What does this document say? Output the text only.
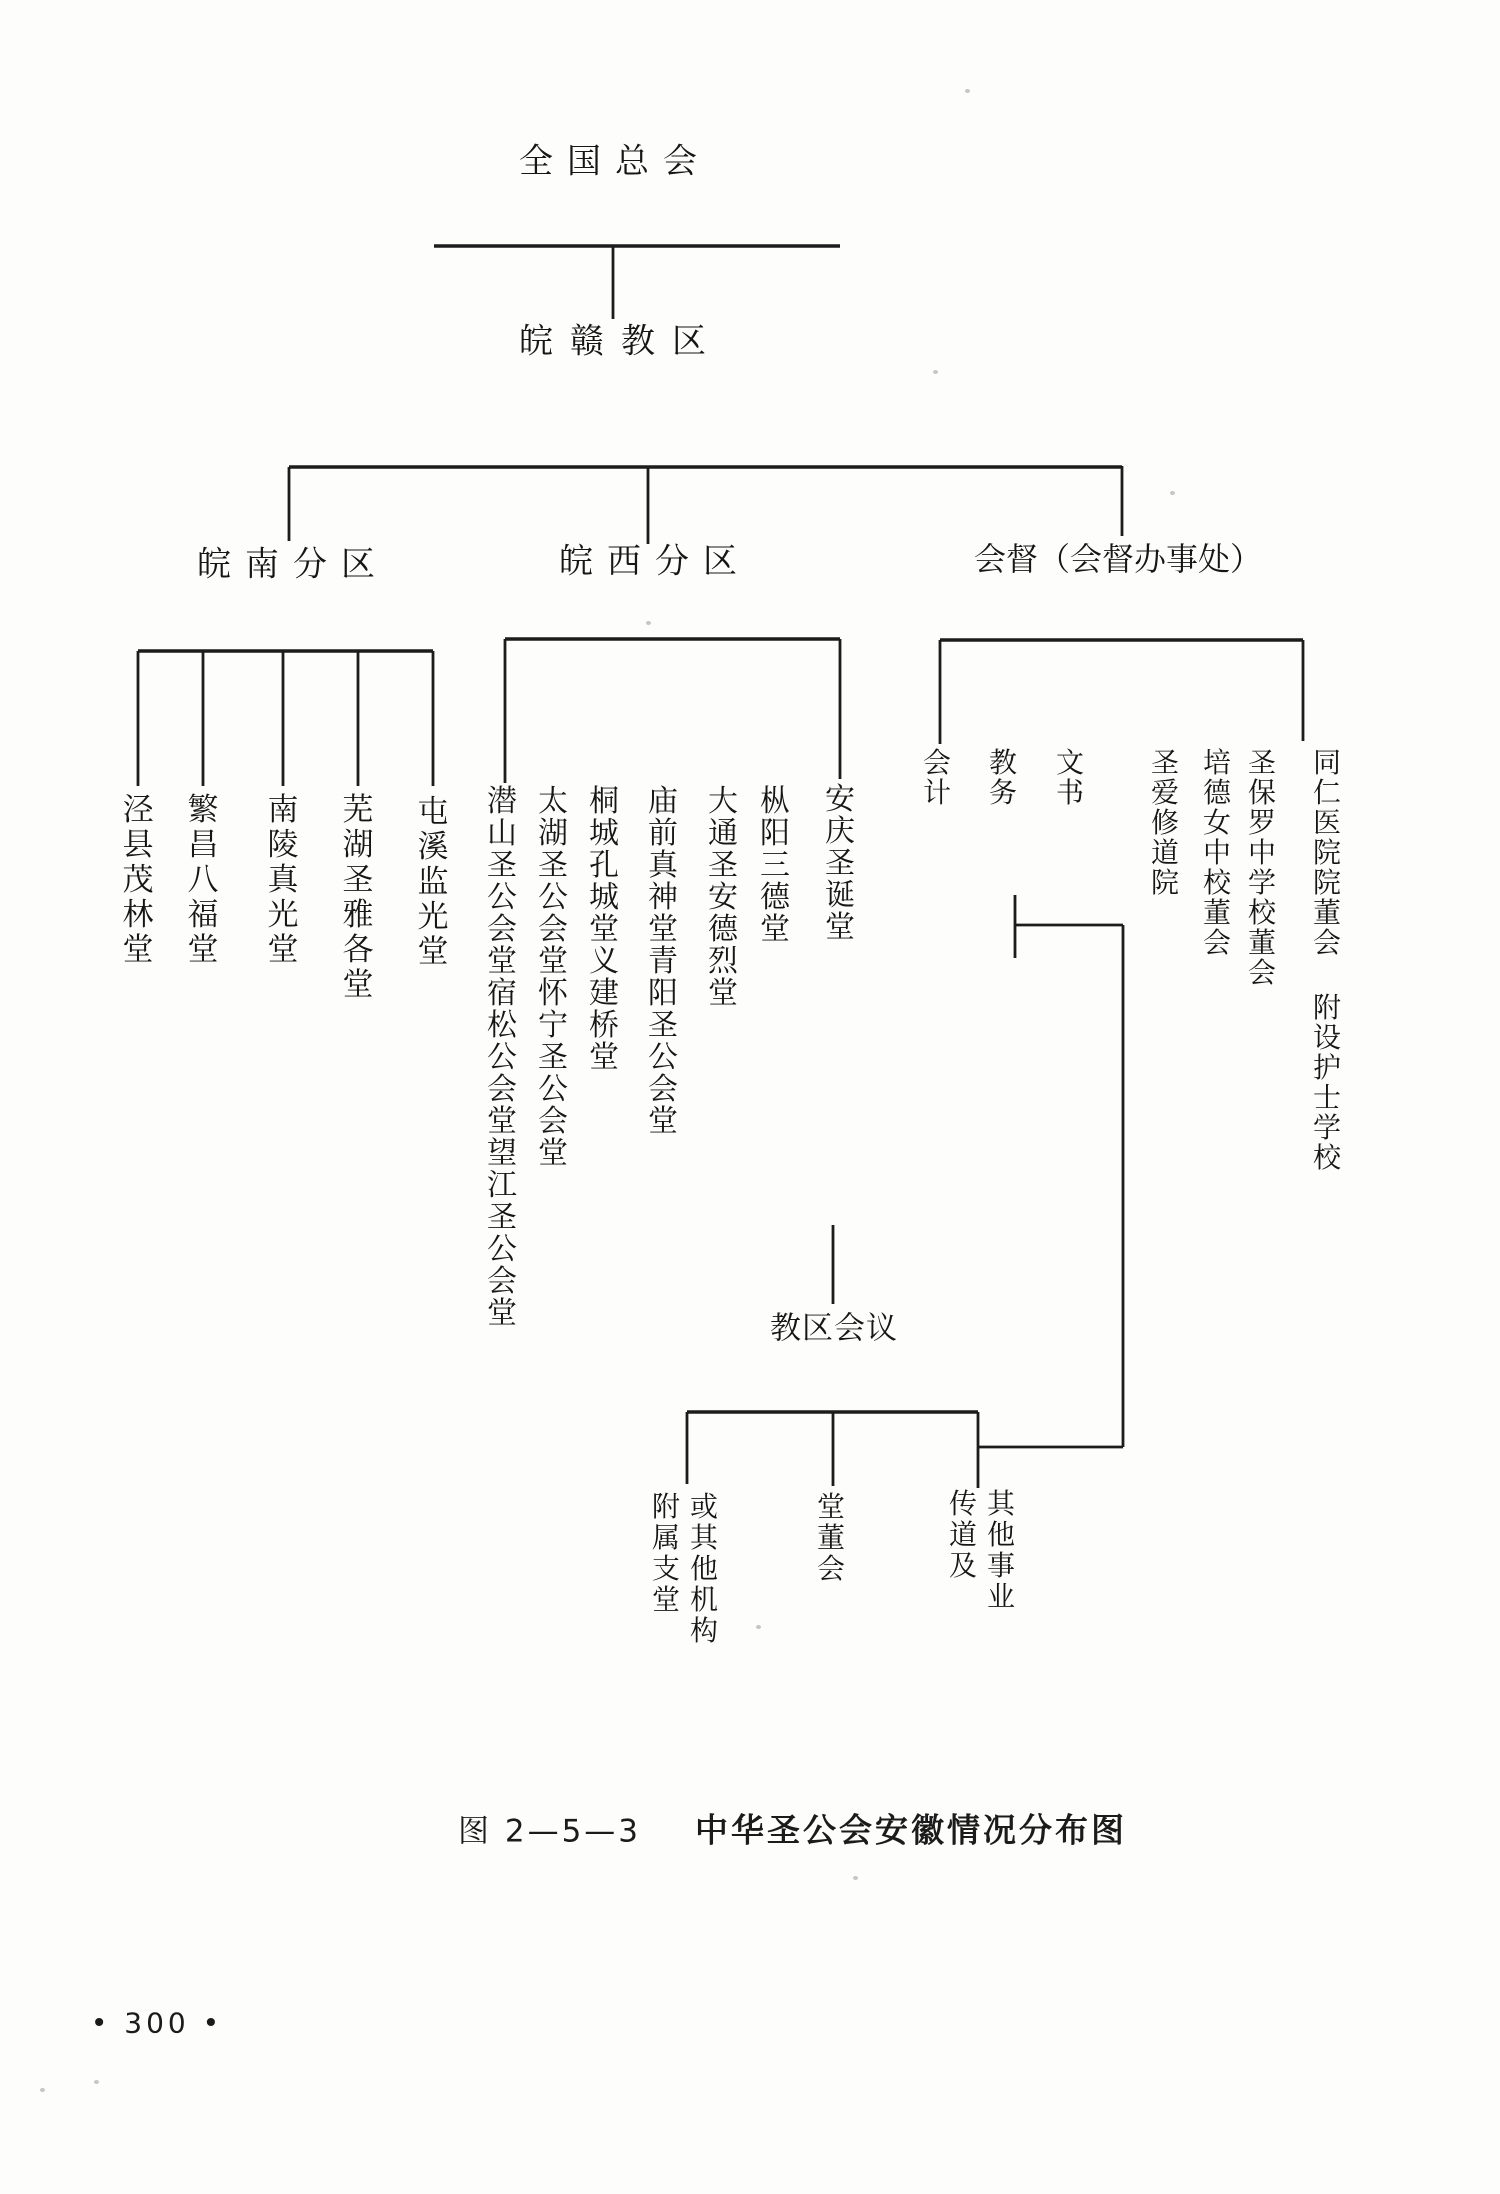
全国总会
皖赣教区
皖南分区	皖西分区	会督（会督办事处）
泾
县
茂
林
堂
繁
昌
八
福
堂
南
陵
真
光
堂
芜
湖
圣
雅
各
堂
屯
溪
监
光
堂
潜
山
圣
公
会
堂
宿
松
公
会
堂
望
江
圣
公
会
堂
太
湖
圣
公
会
堂
怀
宁
圣
公
会
堂
桐
城
孔
城
堂
义
建
桥
堂
庙
前
真
神
堂
青
阳
圣
公
会
堂
大
通
圣
安
德
烈
堂
枞
阳
三
德
堂
安
庆
圣
诞
堂
会
计
教
务
文
书
圣
爱
修
道
院
培
德
女
中
校
董
会
圣
保
罗
中
学
校
董
会
同
仁
医
院
院
董
会
附
设
护
士
学
校
教区会议
附
属
支
堂
或
其
他
机
构
堂
董
会
传
道
及
其
他
事
业
图 2—5—3 中华圣公会安徽情况分布图
• 300 •
